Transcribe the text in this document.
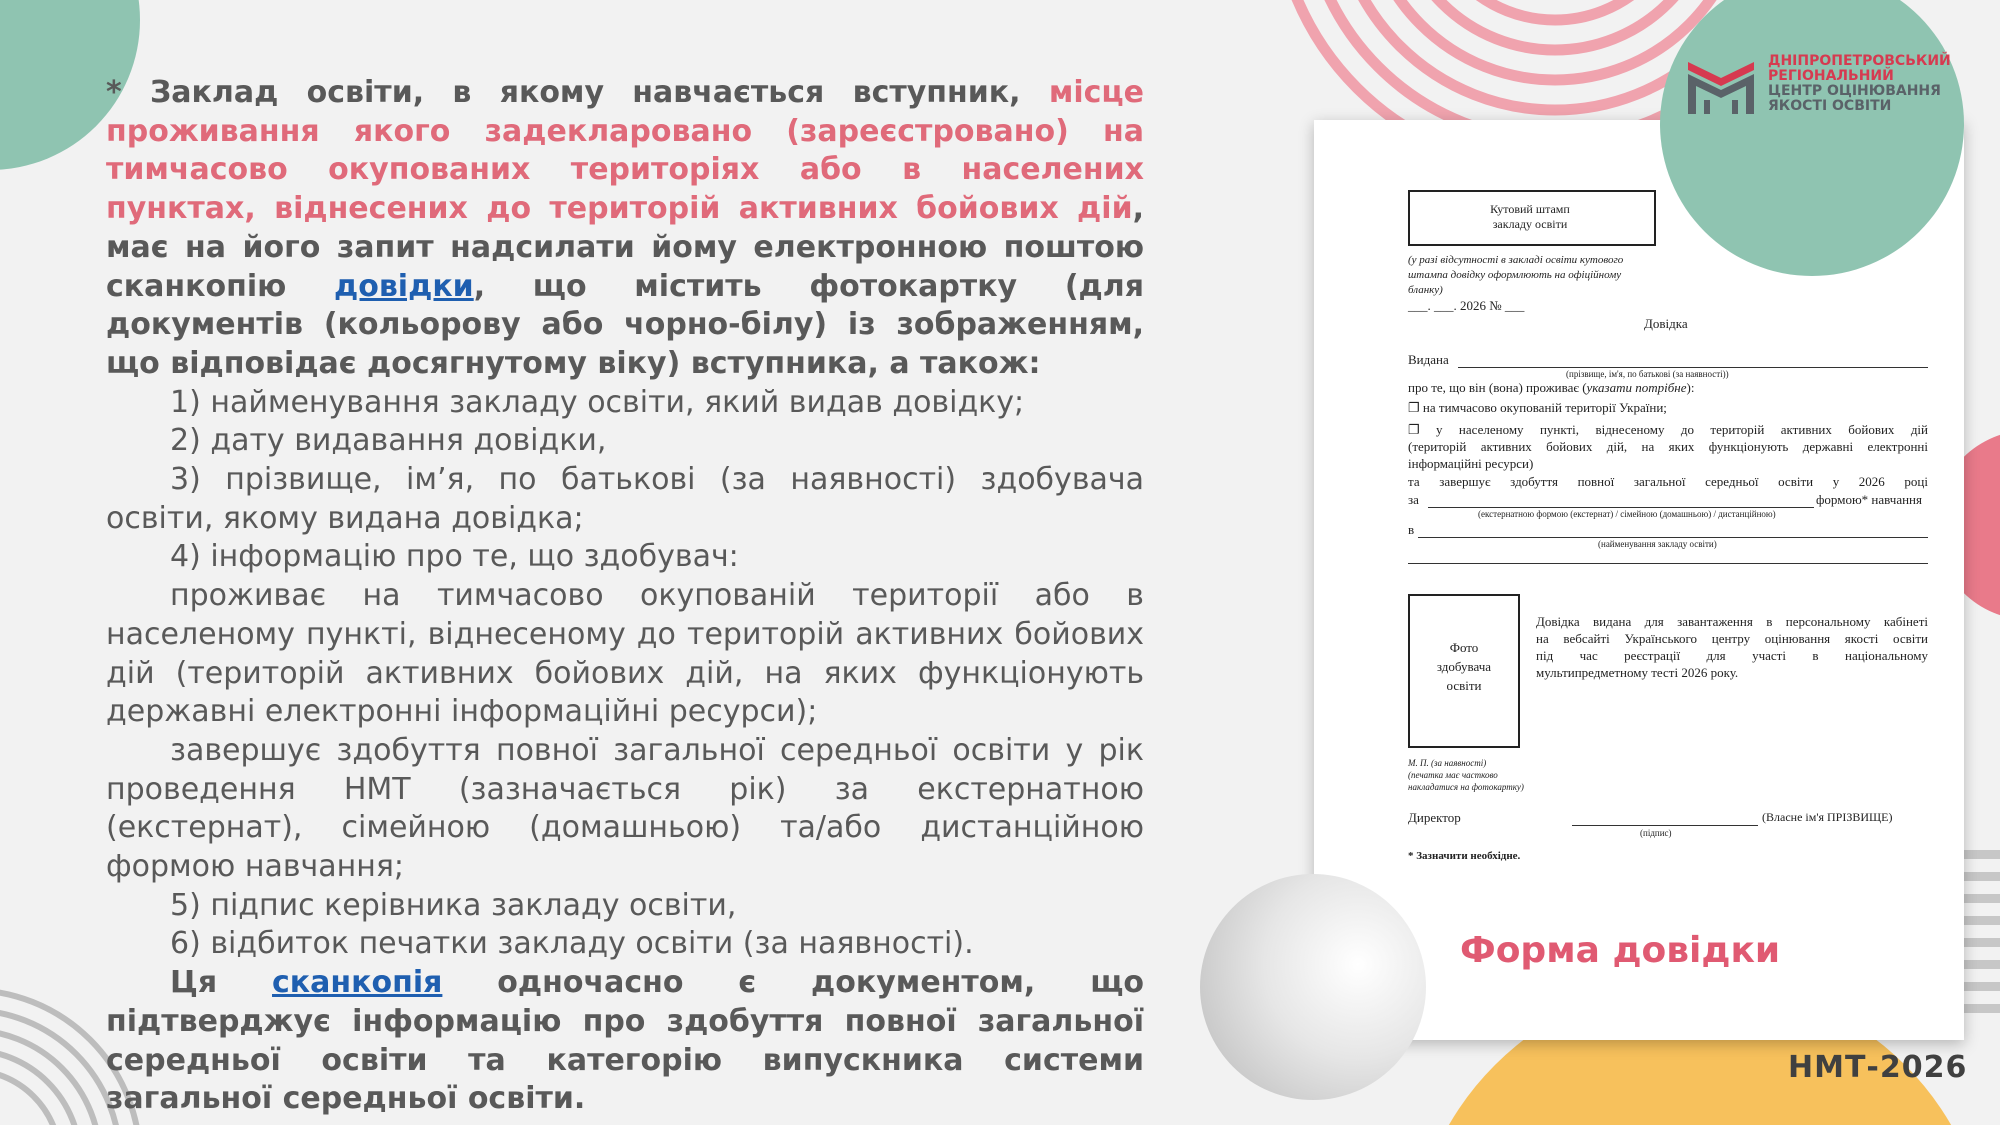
* Заклад освіти, в якому навчається вступник, місце проживання якого задекларовано (зареєстровано) на тимчасово окупованих територіях або в населених пунктах, віднесених до територій активних бойових дій, має на його запит надсилати йому електронною поштою сканкопію довідки, що містить фотокартку (для документів (кольорову або чорно-білу) із зображенням, що відповідає досягнутому віку) вступника, а також:

1) найменування закладу освіти, який видав довідку;

2) дату видавання довідки,

3) прізвище, ім’я, по батькові (за наявності) здобувача освіти, якому видана довідка;

4) інформацію про те, що здобувач:

проживає на тимчасово окупованій території або в населеному пункті, віднесеному до територій активних бойових дій (територій активних бойових дій, на яких функціонують державні електронні інформаційні ресурси);

завершує здобуття повної загальної середньої освіти у рік проведення НМТ (зазначається рік) за екстернатною (екстернат), сімейною (домашньою) та/або дистанційною формою навчання;

5) підпис керівника закладу освіти,

6) відбиток печатки закладу освіти (за наявності).

Ця сканкопія одночасно є документом, що підтверджує інформацію про здобуття повної загальної середньої освіти та категорію випускника системи загальної середньої освіти.

Кутовий штамп
закладу освіти
(у разі відсутності в закладі освіти кутового
штампа довідку оформлюють на офіційному
бланку)
___. ___. 2026 № ___
Довідка
Видана
(прізвище, ім'я, по батькові (за наявності))
про те, що він (вона) проживає (указати потрібне):
❐ на тимчасово окупованій території України;
❐ у населеному пункті, віднесеному до територій активних бойових дій
(територій активних бойових дій, на яких функціонують державні електронні
інформаційні ресурси)
та завершує здобуття повної загальної середньої освіти у 2026 році
за	формою* навчання
(екстернатною формою (екстернат) / сімейною (домашньою) / дистанційною)
в
(найменування закладу освіти)
Фото
здобувача
освіти
Довідка видана для завантаження в персональному кабінеті
на вебсайті Українського центру оцінювання якості освіти
під час реєстрації для участі в національному
мультипредметному тесті 2026 року.
М. П. (за наявності)
(печатка має частково
накладатися на фотокартку)
Директор
(підпис)
(Власне ім'я ПРІЗВИЩЕ)
* Зазначити необхідне.
ДНІПРОПЕТРОВСЬКИЙ
РЕГІОНАЛЬНИЙ
ЦЕНТР ОЦІНЮВАННЯ
ЯКОСТІ ОСВІТИ
Форма довідки
НМТ-2026
